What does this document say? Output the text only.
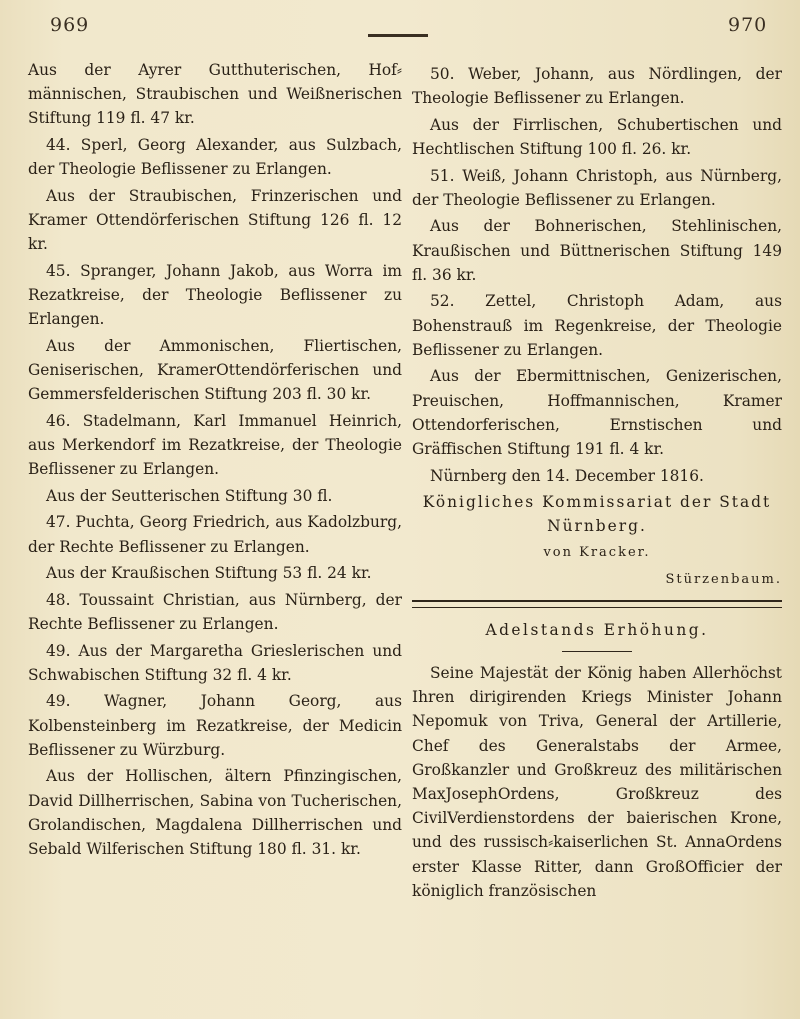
969	970

Aus der Ayrer Gutthuterischen, Hof⸗männischen, Straubischen und Weißnerischen Stiftung 119 fl. 47 kr.

44. Sperl, Georg Alexander, aus Sulzbach, der Theologie Beflissener zu Erlangen.

Aus der Straubischen, Frinzerischen und Kramer Ottendörferischen Stiftung 126 fl. 12 kr.

45. Spranger, Johann Jakob, aus Worra im Rezatkreise, der Theologie Beflissener zu Erlangen.

Aus der Ammonischen, Fliertischen, Geniserischen, KramerOttendörferischen und Gemmersfelderischen Stiftung 203 fl. 30 kr.

46. Stadelmann, Karl Immanuel Heinrich, aus Merkendorf im Rezatkreise, der Theologie Beflissener zu Erlangen.

Aus der Seutterischen Stiftung 30 fl.

47. Puchta, Georg Friedrich, aus Kadolzburg, der Rechte Beflissener zu Erlangen.

Aus der Kraußischen Stiftung 53 fl. 24 kr.

48. Toussaint Christian, aus Nürnberg, der Rechte Beflissener zu Erlangen.

49. Aus der Margaretha Grieslerischen und Schwabischen Stiftung 32 fl. 4 kr.

49. Wagner, Johann Georg, aus Kolbensteinberg im Rezatkreise, der Medicin Beflissener zu Würzburg.

Aus der Hollischen, ältern Pfinzingischen, David Dillherrischen, Sabina von Tucherischen, Grolandischen, Magdalena Dillherrischen und Sebald Wilferischen Stiftung 180 fl. 31. kr.

50. Weber, Johann, aus Nördlingen, der Theologie Beflissener zu Erlangen.

Aus der Firrlischen, Schubertischen und Hechtlischen Stiftung 100 fl. 26. kr.

51. Weiß, Johann Christoph, aus Nürnberg, der Theologie Beflissener zu Erlangen.

Aus der Bohnerischen, Stehlinischen, Kraußischen und Büttnerischen Stiftung 149 fl. 36 kr.

52. Zettel, Christoph Adam, aus Bohenstrauß im Regenkreise, der Theologie Beflissener zu Erlangen.

Aus der Ebermittnischen, Genizerischen, Preuischen, Hoffmannischen, Kramer Ottendorferischen, Ernstischen und Gräffischen Stiftung 191 fl. 4 kr.

Nürnberg den 14. December 1816.

Königliches Kommissariat der Stadt Nürnberg.

von Kracker.

Stürzenbaum.

Adelstands Erhöhung.

Seine Majestät der König haben Allerhöchst Ihren dirigirenden Kriegs Minister Johann Nepomuk von Triva, General der Artillerie, Chef des Generalstabs der Armee, Großkanzler und Großkreuz des militärischen MaxJosephOrdens, Großkreuz des CivilVerdienstordens der baierischen Krone, und des russisch⸗kaiserlichen St. AnnaOrdens erster Klasse Ritter, dann GroßOfficier der königlich französischen
